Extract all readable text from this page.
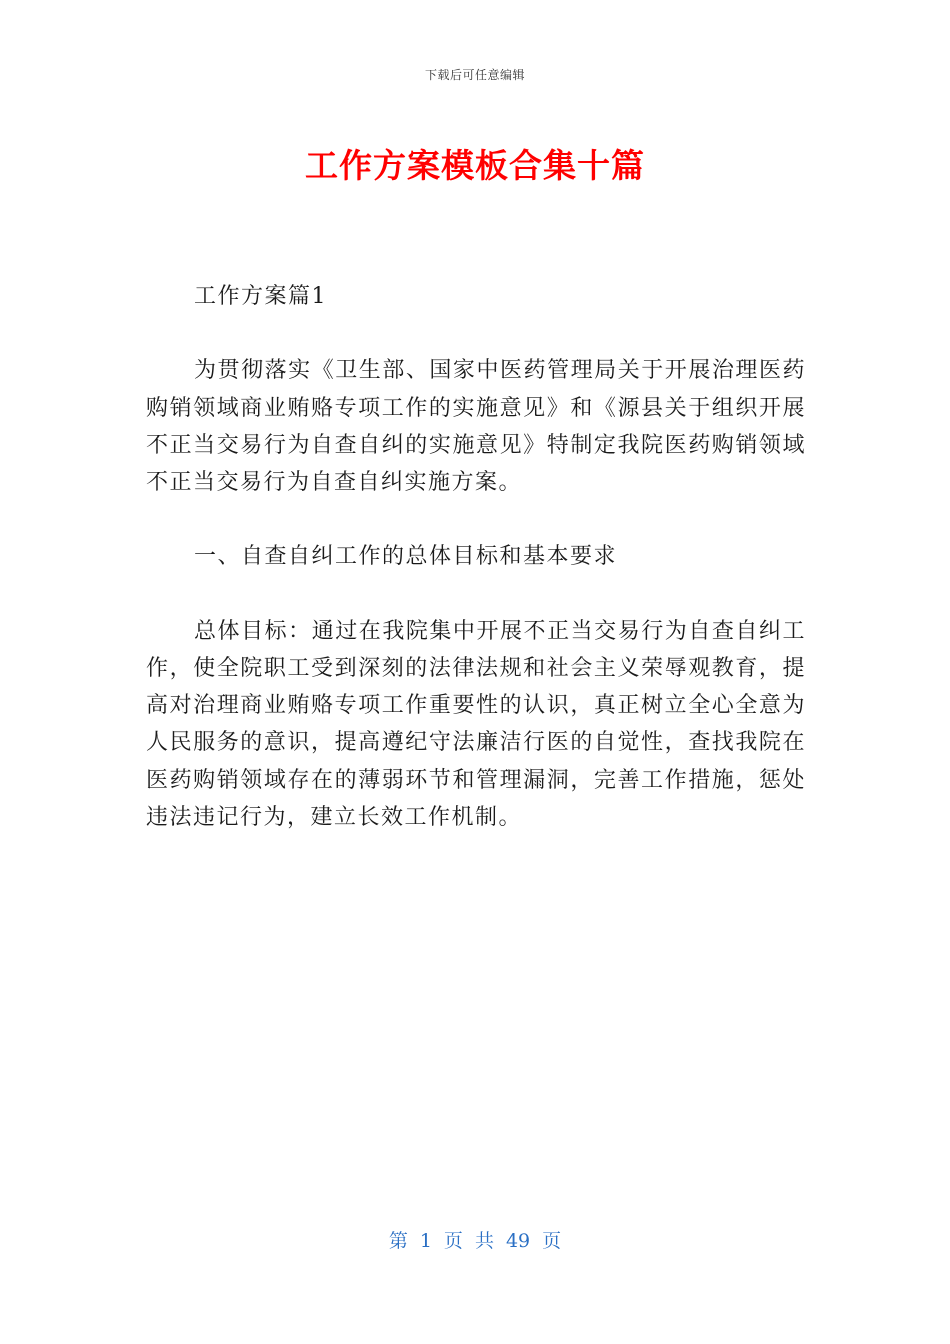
下载后可任意编辑
工作方案模板合集十篇

工作方案篇1

为贯彻落实《卫生部、国家中医药管理局关于开展治理医药购销领域商业贿赂专项工作的实施意见》和《源县关于组织开展不正当交易行为自查自纠的实施意见》特制定我院医药购销领域不正当交易行为自查自纠实施方案。

一、自查自纠工作的总体目标和基本要求

总体目标：通过在我院集中开展不正当交易行为自查自纠工作，使全院职工受到深刻的法律法规和社会主义荣辱观教育，提高对治理商业贿赂专项工作重要性的认识，真正树立全心全意为人民服务的意识，提高遵纪守法廉洁行医的自觉性，查找我院在医药购销领域存在的薄弱环节和管理漏洞，完善工作措施，惩处违法违记行为，建立长效工作机制。

第 1 页 共 49 页
